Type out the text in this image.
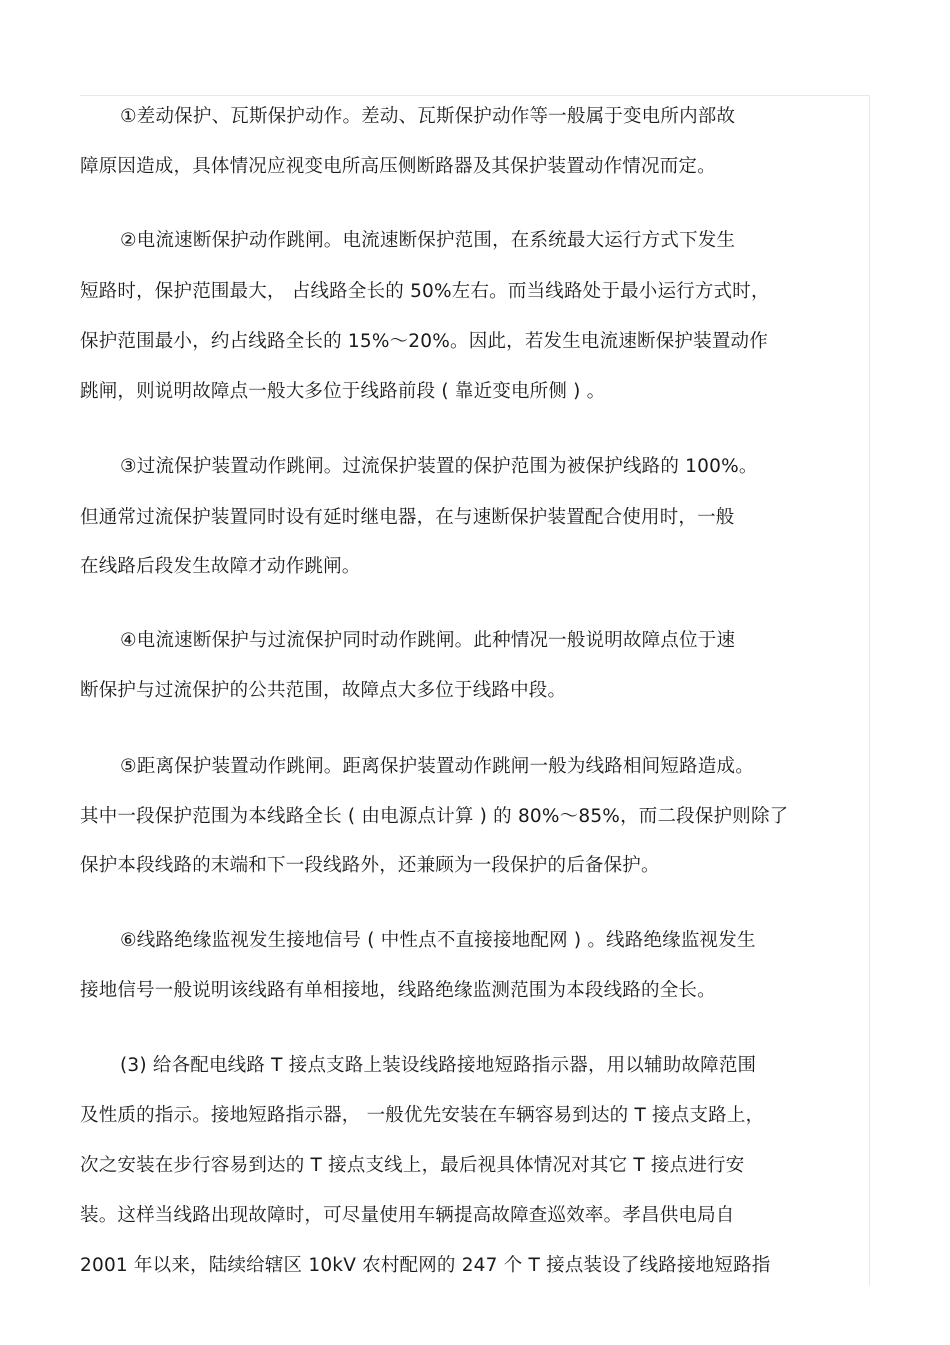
①差动保护、瓦斯保护动作。差动、瓦斯保护动作等一般属于变电所内部故
障原因造成，具体情况应视变电所高压侧断路器及其保护装置动作情况而定。
②电流速断保护动作跳闸。电流速断保护范围，在系统最大运行方式下发生
短路时，保护范围最大， 占线路全长的 50%左右。而当线路处于最小运行方式时，
保护范围最小，约占线路全长的 15%～20%。因此，若发生电流速断保护装置动作
跳闸，则说明故障点一般大多位于线路前段 ( 靠近变电所侧 ) 。
③过流保护装置动作跳闸。过流保护装置的保护范围为被保护线路的 100%。
但通常过流保护装置同时设有延时继电器，在与速断保护装置配合使用时，一般
在线路后段发生故障才动作跳闸。
④电流速断保护与过流保护同时动作跳闸。此种情况一般说明故障点位于速
断保护与过流保护的公共范围，故障点大多位于线路中段。
⑤距离保护装置动作跳闸。距离保护装置动作跳闸一般为线路相间短路造成。
其中一段保护范围为本线路全长 ( 由电源点计算 ) 的 80%～85%，而二段保护则除了
保护本段线路的末端和下一段线路外，还兼顾为一段保护的后备保护。
⑥线路绝缘监视发生接地信号 ( 中性点不直接接地配网 ) 。线路绝缘监视发生
接地信号一般说明该线路有单相接地，线路绝缘监测范围为本段线路的全长。
(3) 给各配电线路 T 接点支路上装设线路接地短路指示器，用以辅助故障范围
及性质的指示。接地短路指示器， 一般优先安装在车辆容易到达的 T 接点支路上，
次之安装在步行容易到达的 T 接点支线上，最后视具体情况对其它 T 接点进行安
装。这样当线路出现故障时，可尽量使用车辆提高故障查巡效率。孝昌供电局自
2001 年以来，陆续给辖区 10kV 农村配网的 247 个 T 接点装设了线路接地短路指
